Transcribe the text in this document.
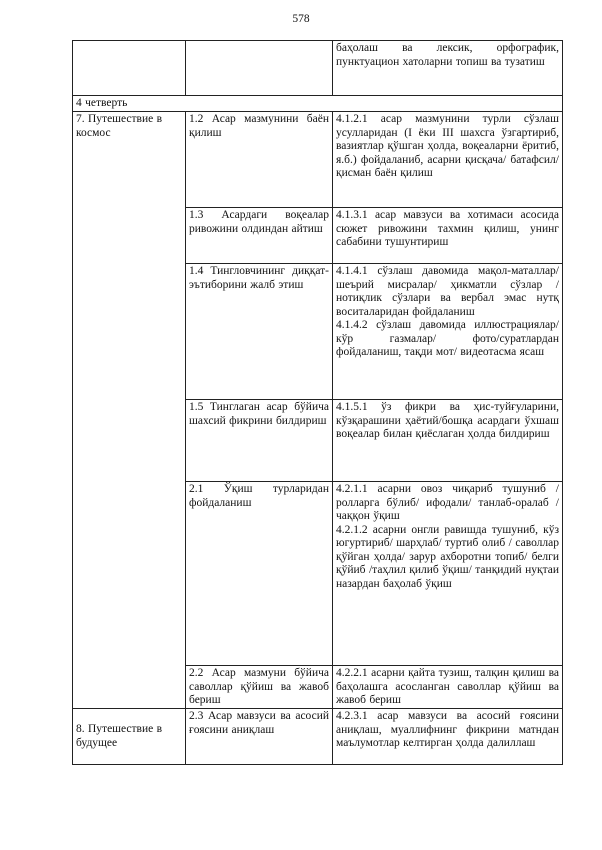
578

		баҳолаш ва лексик, орфографик, пунктуацион хатоларни топиш ва тузатиш

4 четверть		

7. Путешествие в космос	1.2 Асар мазмунини баён қилиш	4.1.2.1 асар мазмунини турли сўзлаш усулларидан (I ёки III шахсга ўзгартириб, вазиятлар қўшган ҳолда, воқеаларни ёритиб, я.б.) фойдаланиб, асарни қисқача/ батафсил/ қисман баён қилиш

	1.3 Асардаги воқеалар ривожини олдиндан айтиш	4.1.3.1 асар мавзуси ва хотимаси асосида сюжет ривожини тахмин қилиш, унинг сабабини тушунтириш

	1.4 Тингловчининг диққат-эътиборини жалб этиш	4.1.4.1 сўзлаш давомида мақол-маталлар/шеърий мисралар/ ҳикматли сўзлар / нотиқлик сўзлари ва вербал эмас нутқ воситаларидан фойдаланиш
4.1.4.2 сўзлаш давомида иллюстрациялар/кўр газмалар/ фото/суратлардан фойдаланиш, тақди мот/ видеотасма ясаш

	1.5 Тинглаган асар бўйича шахсий фикрини билдириш	4.1.5.1 ўз фикри ва ҳис-туйғуларини, кўзқарашини ҳаётий/бошқа асардаги ўхшаш воқеалар билан қиёслаган ҳолда билдириш

	2.1 Ўқиш турларидан фойдаланиш	4.2.1.1 асарни овоз чиқариб тушуниб / ролларга бўлиб/ ифодали/ танлаб-оралаб / чаққон ўқиш
4.2.1.2 асарни онгли равишда тушуниб, кўз югуртириб/ шарҳлаб/ туртиб олиб / саволлар қўйган ҳолда/ зарур ахборотни топиб/ белги қўйиб /таҳлил қилиб ўқиш/ танқидий нуқтаи назардан баҳолаб ўқиш

	2.2 Асар мазмуни бўйича саволлар қўйиш ва жавоб бериш	4.2.2.1 асарни қайта тузиш, талқин қилиш ва баҳолашга асосланган саволлар қўйиш ва жавоб бериш

8. Путешествие в будущее	2.3 Асар мавзуси ва асосий ғоясини аниқлаш	4.2.3.1 асар мавзуси ва асосий ғоясини аниқлаш, муаллифнинг фикрини матндан маълумотлар келтирган ҳолда далиллаш
